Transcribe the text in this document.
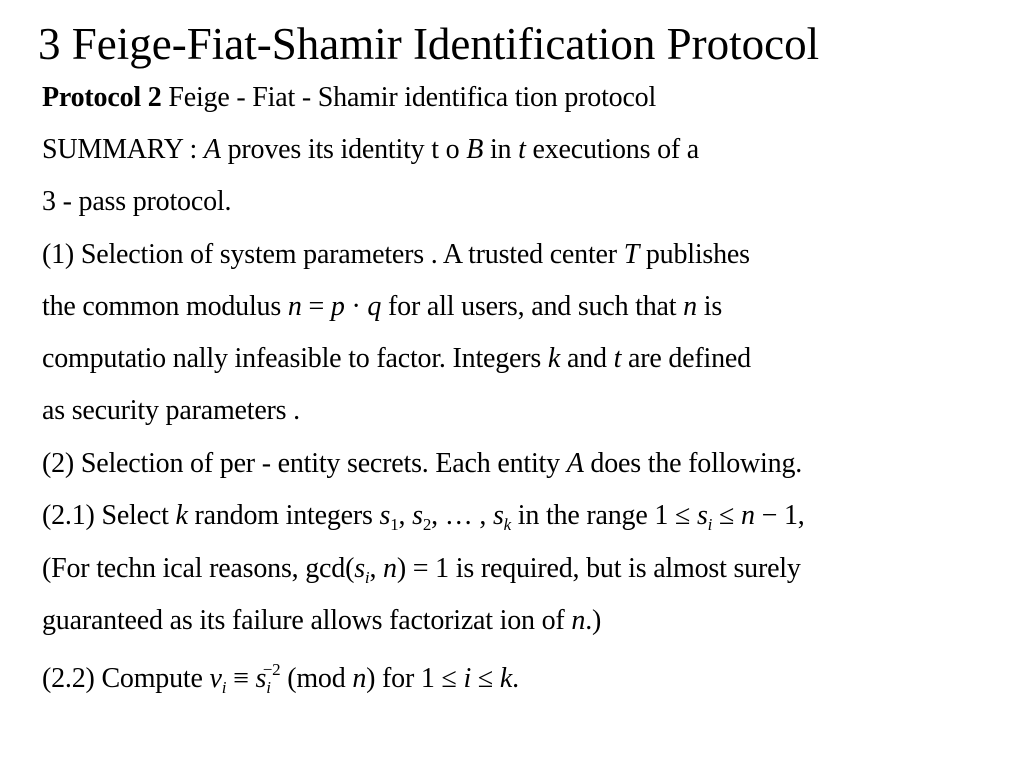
3 Feige-Fiat-Shamir Identification Protocol
Protocol 2 Feige - Fiat - Shamir identifica tion protocol
SUMMARY : A proves its identity t o B in t executions of a
3 - pass protocol.
(1) Selection of system parameters . A trusted center T publishes
the common modulus n = p · q for all users, and such that n is
computatio nally infeasible to factor. Integers k and t are defined
as security parameters .
(2) Selection of per - entity secrets. Each entity A does the following.
(2.1) Select k random integers $s_1$, $s_2$, … , $s_k$ in the range $1 \le s_i \le n - 1$,
(For techn ical reasons, $\gcd(s_i$, n) = 1 is required, but is almost surely
guaranteed as its failure allows factorizat ion of n.)
(2.2) Compute $v_i \equiv s_i^{-2}$ (mod n) for 1 ≤ i ≤ k.
